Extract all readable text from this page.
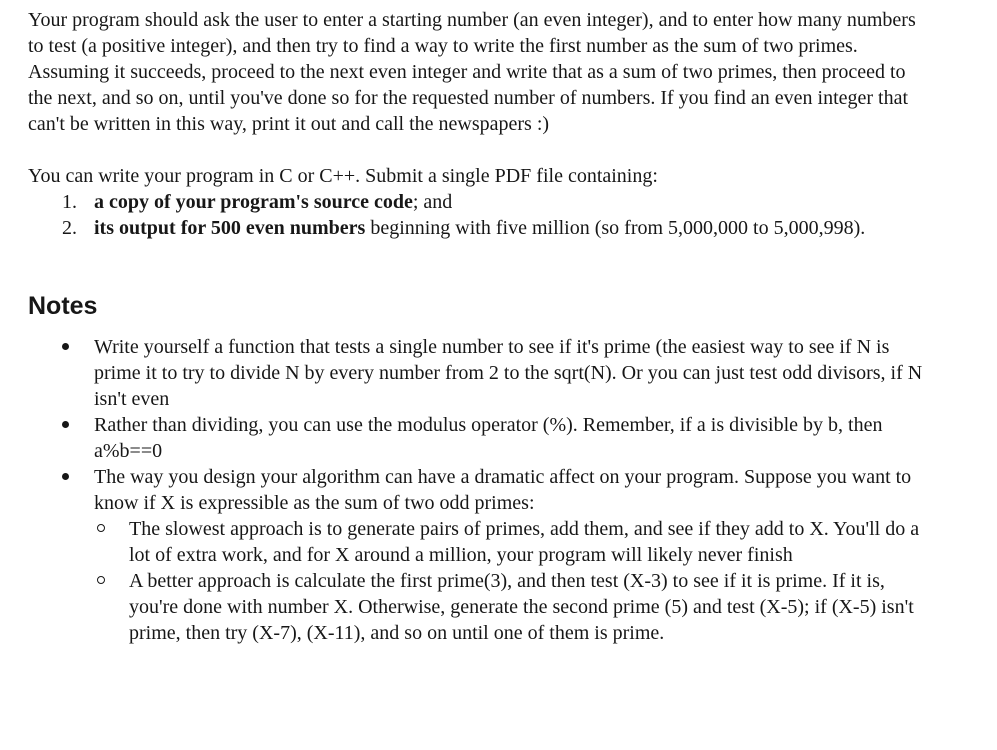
Your program should ask the user to enter a starting number (an even integer), and to enter how many numbers to test (a positive integer), and then try to find a way to write the first number as the sum of two primes. Assuming it succeeds, proceed to the next even integer and write that as a sum of two primes, then proceed to the next, and so on, until you've done so for the requested number of numbers. If you find an even integer that can't be written in this way, print it out and call the newspapers :)

You can write your program in C or C++. Submit a single PDF file containing:

1. a copy of your program's source code; and
2. its output for 500 even numbers beginning with five million (so from 5,000,000 to 5,000,998).
Notes
Write yourself a function that tests a single number to see if it's prime (the easiest way to see if N is prime it to try to divide N by every number from 2 to the sqrt(N). Or you can just test odd divisors, if N isn't even
Rather than dividing, you can use the modulus operator (%). Remember, if a is divisible by b, then a%b==0
The way you design your algorithm can have a dramatic affect on your program. Suppose you want to know if X is expressible as the sum of two odd primes:
The slowest approach is to generate pairs of primes, add them, and see if they add to X. You'll do a lot of extra work, and for X around a million, your program will likely never finish
A better approach is calculate the first prime(3), and then test (X-3) to see if it is prime. If it is, you're done with number X. Otherwise, generate the second prime (5) and test (X-5); if (X-5) isn't prime, then try (X-7), (X-11), and so on until one of them is prime.
